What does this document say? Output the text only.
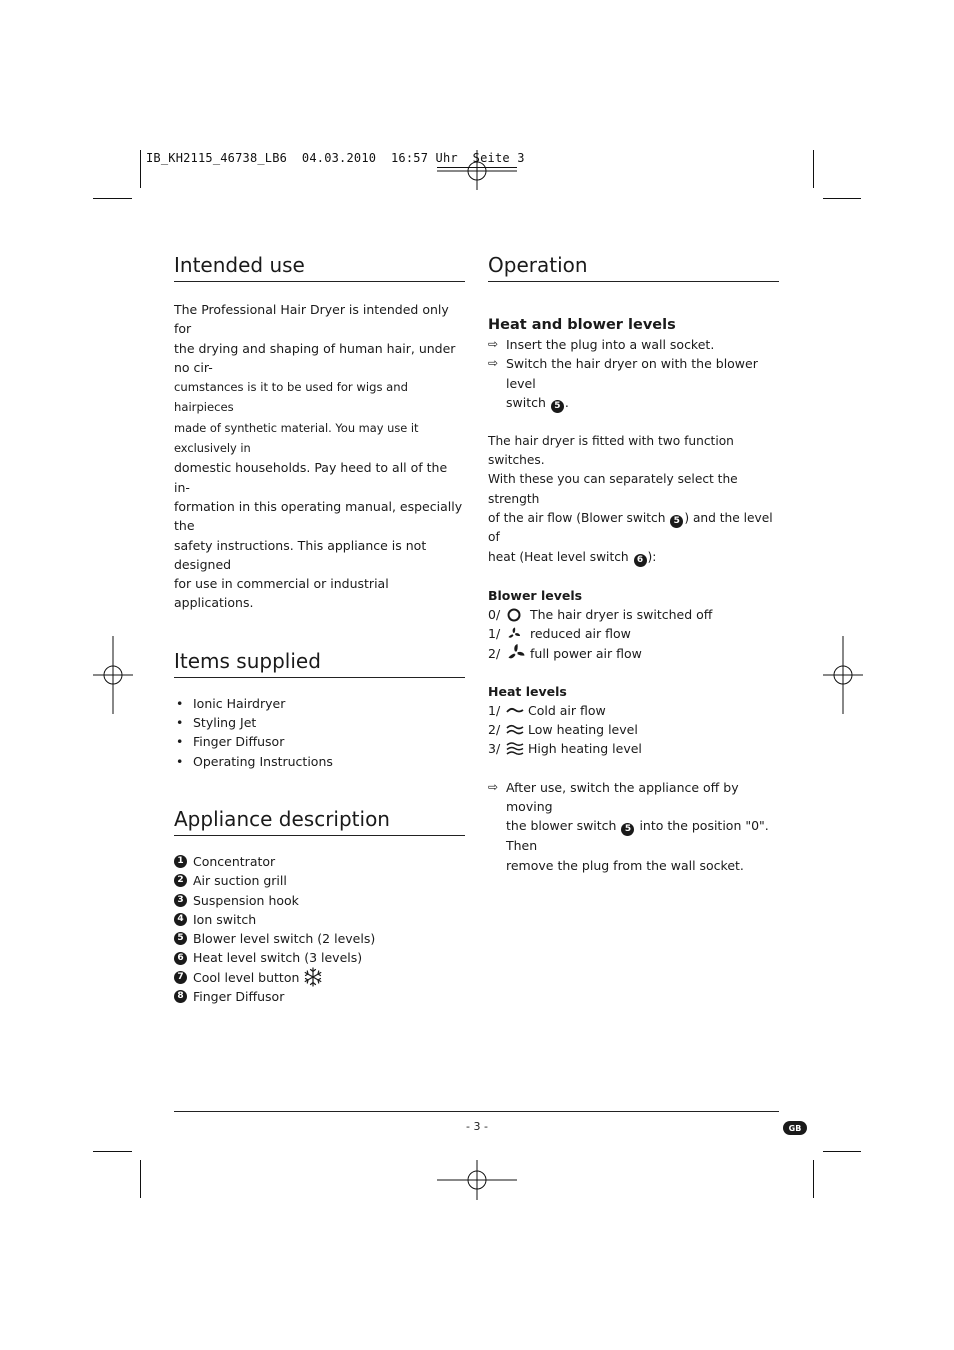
IB_KH2115_46738_LB6  04.03.2010  16:57 Uhr  Seite 3
Intended use

The Professional Hair Dryer is intended only for
the drying and shaping of human hair, under no cir-
cumstances is it to be used for wigs and hairpieces
made of synthetic material. You may use it exclusively in
domestic households. Pay heed to all of the in-
formation in this operating manual, especially the
safety instructions. This appliance is not designed
for use in commercial or industrial applications.

Items supplied
• Ionic Hairdryer
• Styling Jet
• Finger Diffusor
• Operating Instructions
Appliance description
1 Concentrator
2 Air suction grill
3 Suspension hook
4 Ion switch
5 Blower level switch (2 levels)
6 Heat level switch (3 levels)
7 Cool level button
8 Finger Diffusor
Operation
Heat and blower levels
⇨ Insert the plug into a wall socket.
⇨ Switch the hair dryer on with the blower level
switch 5 .

The hair dryer is fitted with two function switches.
With these you can separately select the strength
of the air flow (Blower switch 5 ) and the level of
heat (Heat level switch 6 ):

Blower levels
0/	The hair dryer is switched off
1/	reduced air flow
2/	full power air flow
Heat levels
1/	Cold air flow
2/	Low heating level
3/	High heating level
⇨ After use, switch the appliance off by moving
the blower switch 5 into the position "0". Then
remove the plug from the wall socket.
- 3 -	GB
